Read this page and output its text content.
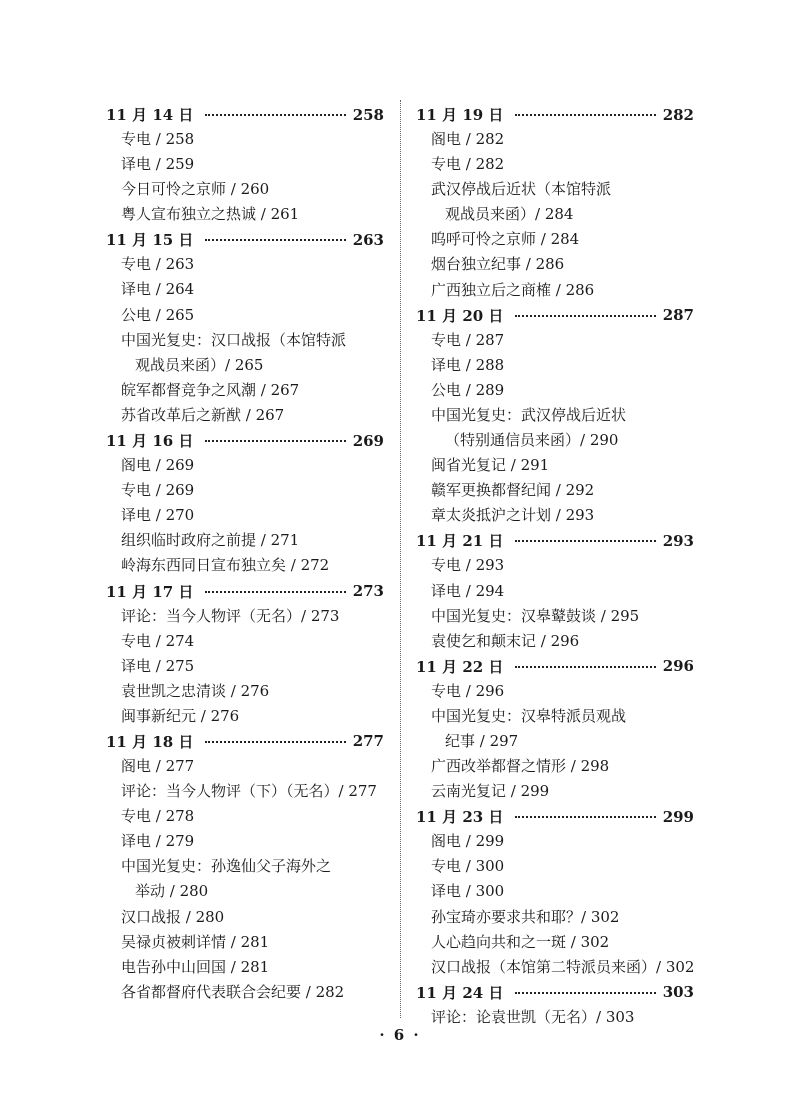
11 月 14 日	258
专电 / 258
译电 / 259
今日可怜之京师 / 260
粤人宣布独立之热诚 / 261
11 月 15 日	263
专电 / 263
译电 / 264
公电 / 265
中国光复史：汉口战报（本馆特派
观战员来函）/ 265
皖军都督竞争之风潮 / 267
苏省改革后之新猷 / 267
11 月 16 日	269
阁电 / 269
专电 / 269
译电 / 270
组织临时政府之前提 / 271
岭海东西同日宣布独立矣 / 272
11 月 17 日	273
评论：当今人物评（无名）/ 273
专电 / 274
译电 / 275
袁世凯之忠清谈 / 276
闽事新纪元 / 276
11 月 18 日	277
阁电 / 277
评论：当今人物评（下）（无名）/ 277
专电 / 278
译电 / 279
中国光复史：孙逸仙父子海外之
举动 / 280
汉口战报 / 280
吴禄贞被刺详情 / 281
电告孙中山回国 / 281
各省都督府代表联合会纪要 / 282
11 月 19 日	282
阁电 / 282
专电 / 282
武汉停战后近状（本馆特派
观战员来函）/ 284
呜呼可怜之京师 / 284
烟台独立纪事 / 286
广西独立后之商榷 / 286
11 月 20 日	287
专电 / 287
译电 / 288
公电 / 289
中国光复史：武汉停战后近状
（特别通信员来函）/ 290
闽省光复记 / 291
赣军更换都督纪闻 / 292
章太炎抵沪之计划 / 293
11 月 21 日	293
专电 / 293
译电 / 294
中国光复史：汉皋鼙鼓谈 / 295
袁使乞和颠末记 / 296
11 月 22 日	296
专电 / 296
中国光复史：汉皋特派员观战
纪事 / 297
广西改举都督之情形 / 298
云南光复记 / 299
11 月 23 日	299
阁电 / 299
专电 / 300
译电 / 300
孙宝琦亦要求共和耶？/ 302
人心趋向共和之一斑 / 302
汉口战报（本馆第二特派员来函）/ 302
11 月 24 日	303
评论：论袁世凯（无名）/ 303
· 6 ·
